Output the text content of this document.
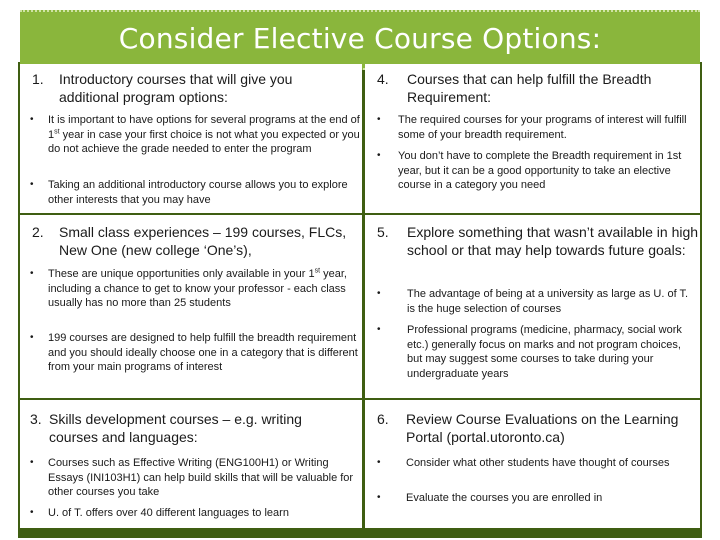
Consider Elective Course Options:
1. Introductory courses that will give you additional program options:
• It is important to have options for several programs at the end of 1st year in case your first choice is not what you expected or you do not achieve the grade needed to enter the program
• Taking an additional introductory course allows you to explore other interests that you may have
2. Small class experiences – 199 courses, FLCs, New One (new college ‘One’s),
• These are unique opportunities only available in your 1st year, including a chance to get to know your professor - each class usually has no more than 25 students
• 199 courses are designed to help fulfill the breadth requirement and you should ideally choose one in a category that is different from your main programs of interest
3. Skills development courses – e.g. writing courses and languages:
• Courses such as Effective Writing (ENG100H1) or Writing Essays (INI103H1) can help build skills that will be valuable for other courses you take
• U. of T. offers over 40 different languages to learn
4. Courses that can help fulfill the Breadth Requirement:
• The required courses for your programs of interest will fulfill some of your breadth requirement.
• You don’t have to complete the Breadth requirement in 1st year, but it can be a good opportunity to take an elective course in a category you need
5. Explore something that wasn’t available in high school or that may help towards future goals:
• The advantage of being at a university as large as U. of T. is the huge selection of courses
• Professional programs (medicine, pharmacy, social work etc.) generally focus on marks and not program choices, but may suggest some courses to take during your undergraduate years
6. Review Course Evaluations on the Learning Portal (portal.utoronto.ca)
• Consider what other students have thought of courses
• Evaluate the courses you are enrolled in
